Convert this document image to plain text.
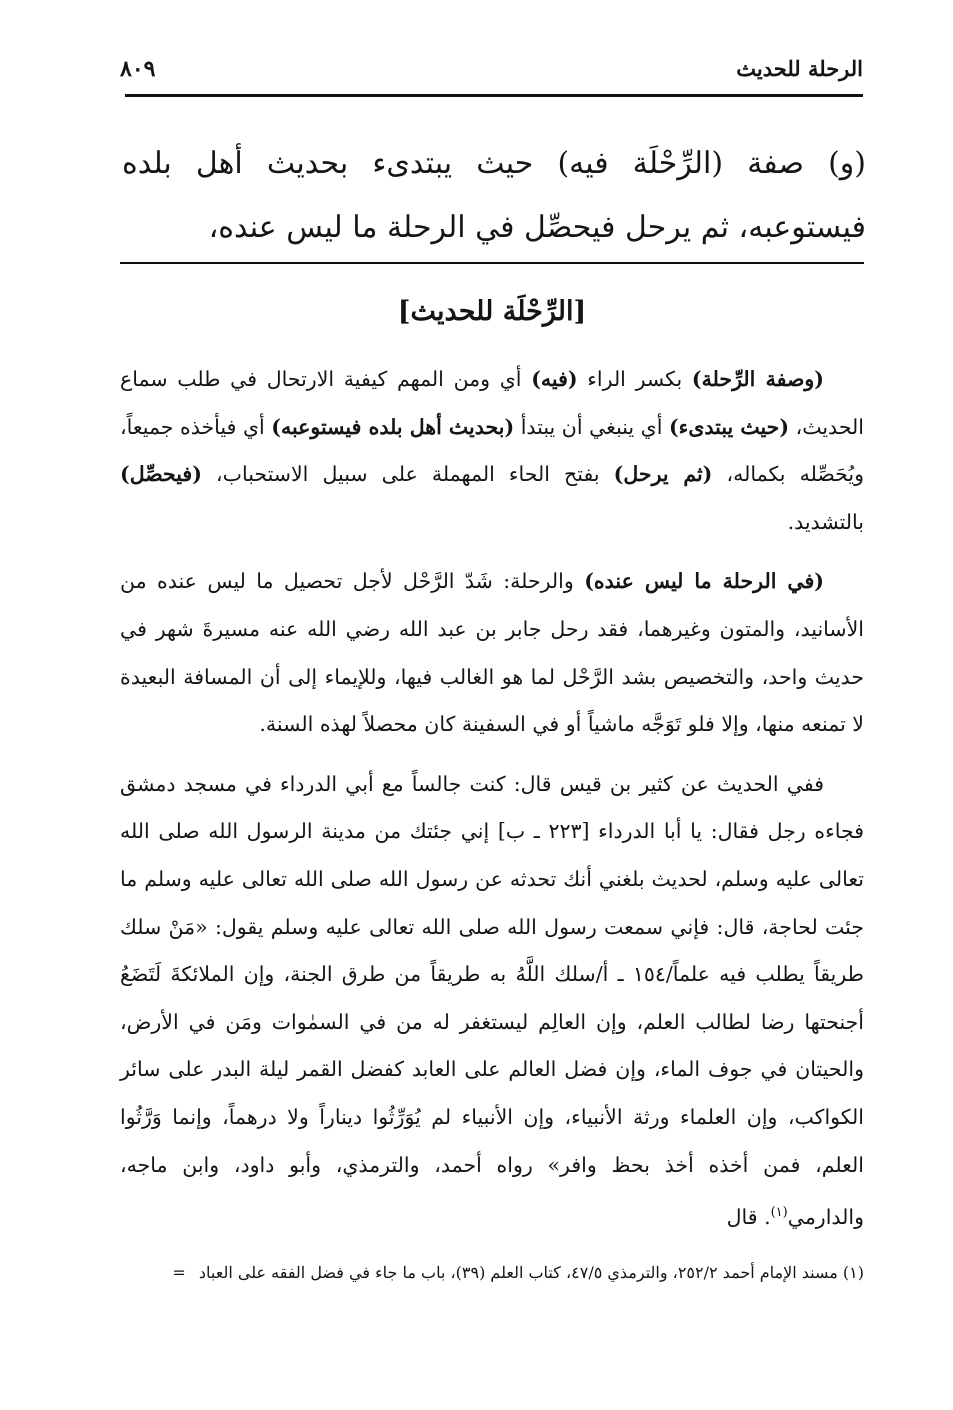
الرحلة للحديث
٨٠٩
(و) صفة (الرِّحْلَة فيه) حيث يبتدىء بحديث أهل بلده فيستوعبه، ثم يرحل فيحصِّل في الرحلة ما ليس عنده،
[الرِّحْلَة للحديث]

(وصفة الرِّحلة) بكسر الراء (فيه) أي ومن المهم كيفية الارتحال في طلب سماع الحديث، (حيث يبتدىء) أي ينبغي أن يبتدأ (بحديث أهل بلده فيستوعبه) أي فيأخذه جميعاً، ويُحَصِّله بكماله، (ثم يرحل) بفتح الحاء المهملة على سبيل الاستحباب، (فيحصِّل) بالتشديد.

(في الرحلة ما ليس عنده) والرحلة: شَدّ الرَّحْل لأجل تحصيل ما ليس عنده من الأسانيد، والمتون وغيرهما، فقد رحل جابر بن عبد الله رضي الله عنه مسيرةَ شهر في حديث واحد، والتخصيص بشد الرَّحْل لما هو الغالب فيها، وللإيماء إلى أن المسافة البعيدة لا تمنعه منها، وإلا فلو تَوَجَّه ماشياً أو في السفينة كان محصلاً لهذه السنة.

ففي الحديث عن كثير بن قيس قال: كنت جالساً مع أبي الدرداء في مسجد دمشق فجاءه رجل فقال: يا أبا الدرداء [٢٢٣ ـ ب] إني جئتك من مدينة الرسول الله صلى الله تعالى عليه وسلم، لحديث بلغني أنك تحدثه عن رسول الله صلى الله تعالى عليه وسلم ما جئت لحاجة، قال: فإني سمعت رسول الله صلى الله تعالى عليه وسلم يقول: «مَنْ سلك طريقاً يطلب فيه علماً/١٥٤ ـ أ/سلك اللَّهُ به طريقاً من طرق الجنة، وإن الملائكةَ لَتَضَعُ أجنحتها رضا لطالب العلم، وإن العالِم ليستغفر له من في السمٰوات ومَن في الأرض، والحيتان في جوف الماء، وإن فضل العالم على العابد كفضل القمر ليلة البدر على سائر الكواكب، وإن العلماء ورثة الأنبياء، وإن الأنبياء لم يُوَرِّثُوا ديناراً ولا درهماً، وإنما وَرَّثُوا العلم، فمن أخذه أخذ بحظ وافر» رواه أحمد، والترمذي، وأبو داود، وابن ماجه، والدارمي$^{(١)}$. قال

(١) مسند الإمام أحمد ٢٥٢/٢، والترمذي ٤٧/٥، كتاب العلم (٣٩)، باب ما جاء في فضل الفقه على العباد =
